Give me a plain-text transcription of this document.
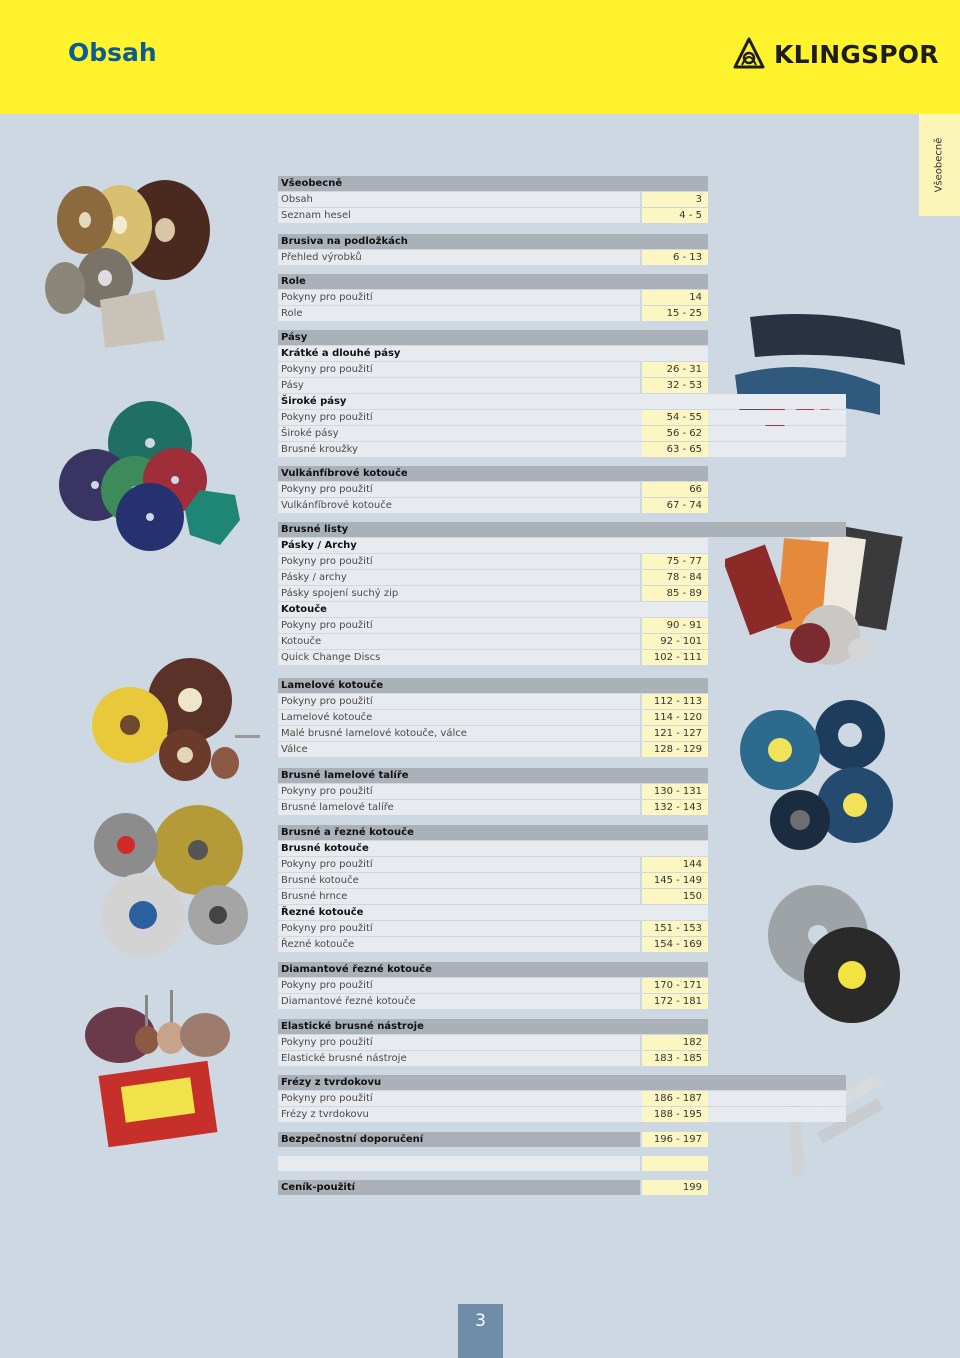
Obsah	KLINGSPOR
Všeobecně
Všeobecně
Obsah	3
Seznam hesel	4 - 5
Brusiva na podložkách
Přehled výrobků	6 - 13
Role
Pokyny pro použití	14
Role	15 - 25
Pásy
Krátké a dlouhé pásy
Pokyny pro použití	26 - 31
Pásy	32 - 53
Široké pásy
Pokyny pro použití	54 - 55
Široké pásy	56 - 62
Brusné kroužky	63 - 65
Vulkánfíbrové kotouče
Pokyny pro použití	66
Vulkánfíbrové kotouče	67 - 74
Brusné listy
Pásky / Archy
Pokyny pro použití	75 - 77
Pásky / archy	78 - 84
Pásky spojení suchý zip	85 - 89
Kotouče
Pokyny pro použití	90 - 91
Kotouče	92 - 101
Quick Change Discs	102 - 111
Lamelové kotouče
Pokyny pro použití	112 - 113
Lamelové kotouče	114 - 120
Malé brusné lamelové kotouče, válce	121 - 127
Válce	128 - 129
Brusné lamelové talíře
Pokyny pro použití	130 - 131
Brusné lamelové talíře	132 - 143
Brusné a řezné kotouče
Brusné kotouče
Pokyny pro použití	144
Brusné kotouče	145 - 149
Brusné hrnce	150
Řezné kotouče
Pokyny pro použití	151 - 153
Řezné kotouče	154 - 169
Diamantové řezné kotouče
Pokyny pro použití	170 - 171
Diamantové řezné kotouče	172 - 181
Elastické brusné nástroje
Pokyny pro použití	182
Elastické brusné nástroje	183 - 185
Frézy z tvrdokovu
Pokyny pro použití	186 - 187
Frézy z tvrdokovu	188 - 195
Bezpečnostní doporučení	196 - 197
Ceník-použití	199
3
